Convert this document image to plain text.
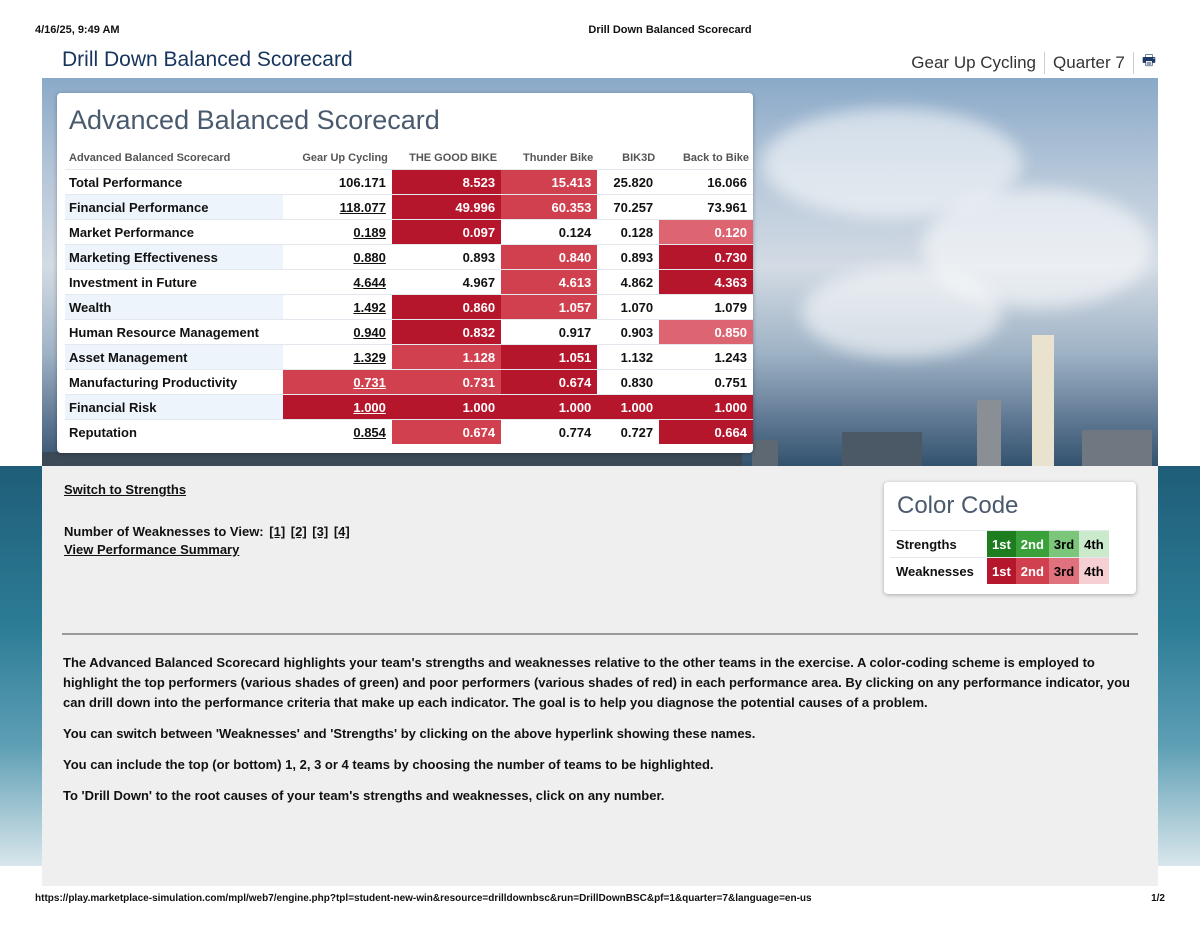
4/16/25, 9:49 AM	Drill Down Balanced Scorecard
Drill Down Balanced Scorecard	Gear Up Cycling Quarter 7 🖶
Advanced Balanced Scorecard
Advanced Balanced Scorecard	Gear Up Cycling	THE GOOD BIKE	Thunder Bike	BIK3D	Back to Bike
Total Performance	106.171	8.523	15.413	25.820	16.066
Financial Performance	118.077	49.996	60.353	70.257	73.961
Market Performance	0.189	0.097	0.124	0.128	0.120
Marketing Effectiveness	0.880	0.893	0.840	0.893	0.730
Investment in Future	4.644	4.967	4.613	4.862	4.363
Wealth	1.492	0.860	1.057	1.070	1.079
Human Resource Management	0.940	0.832	0.917	0.903	0.850
Asset Management	1.329	1.128	1.051	1.132	1.243
Manufacturing Productivity	0.731	0.731	0.674	0.830	0.751
Financial Risk	1.000	1.000	1.000	1.000	1.000
Reputation	0.854	0.674	0.774	0.727	0.664
Switch to Strengths
Number of Weaknesses to View: [1] [2] [3] [4]
View Performance Summary
Color Code
Strengths	1st	2nd	3rd	4th
Weaknesses	1st	2nd	3rd	4th

The Advanced Balanced Scorecard highlights your team's strengths and weaknesses relative to the other teams in the exercise. A color-coding scheme is employed to highlight the top performers (various shades of green) and poor performers (various shades of red) in each performance area. By clicking on any performance indicator, you can drill down into the performance criteria that make up each indicator. The goal is to help you diagnose the potential causes of a problem.

You can switch between 'Weaknesses' and 'Strengths' by clicking on the above hyperlink showing these names.

You can include the top (or bottom) 1, 2, 3 or 4 teams by choosing the number of teams to be highlighted.

To 'Drill Down' to the root causes of your team's strengths and weaknesses, click on any number.

https://play.marketplace-simulation.com/mpl/web7/engine.php?tpl=student-new-win&resource=drilldownbsc&run=DrillDownBSC&pf=1&quarter=7&language=en-us	1/2
